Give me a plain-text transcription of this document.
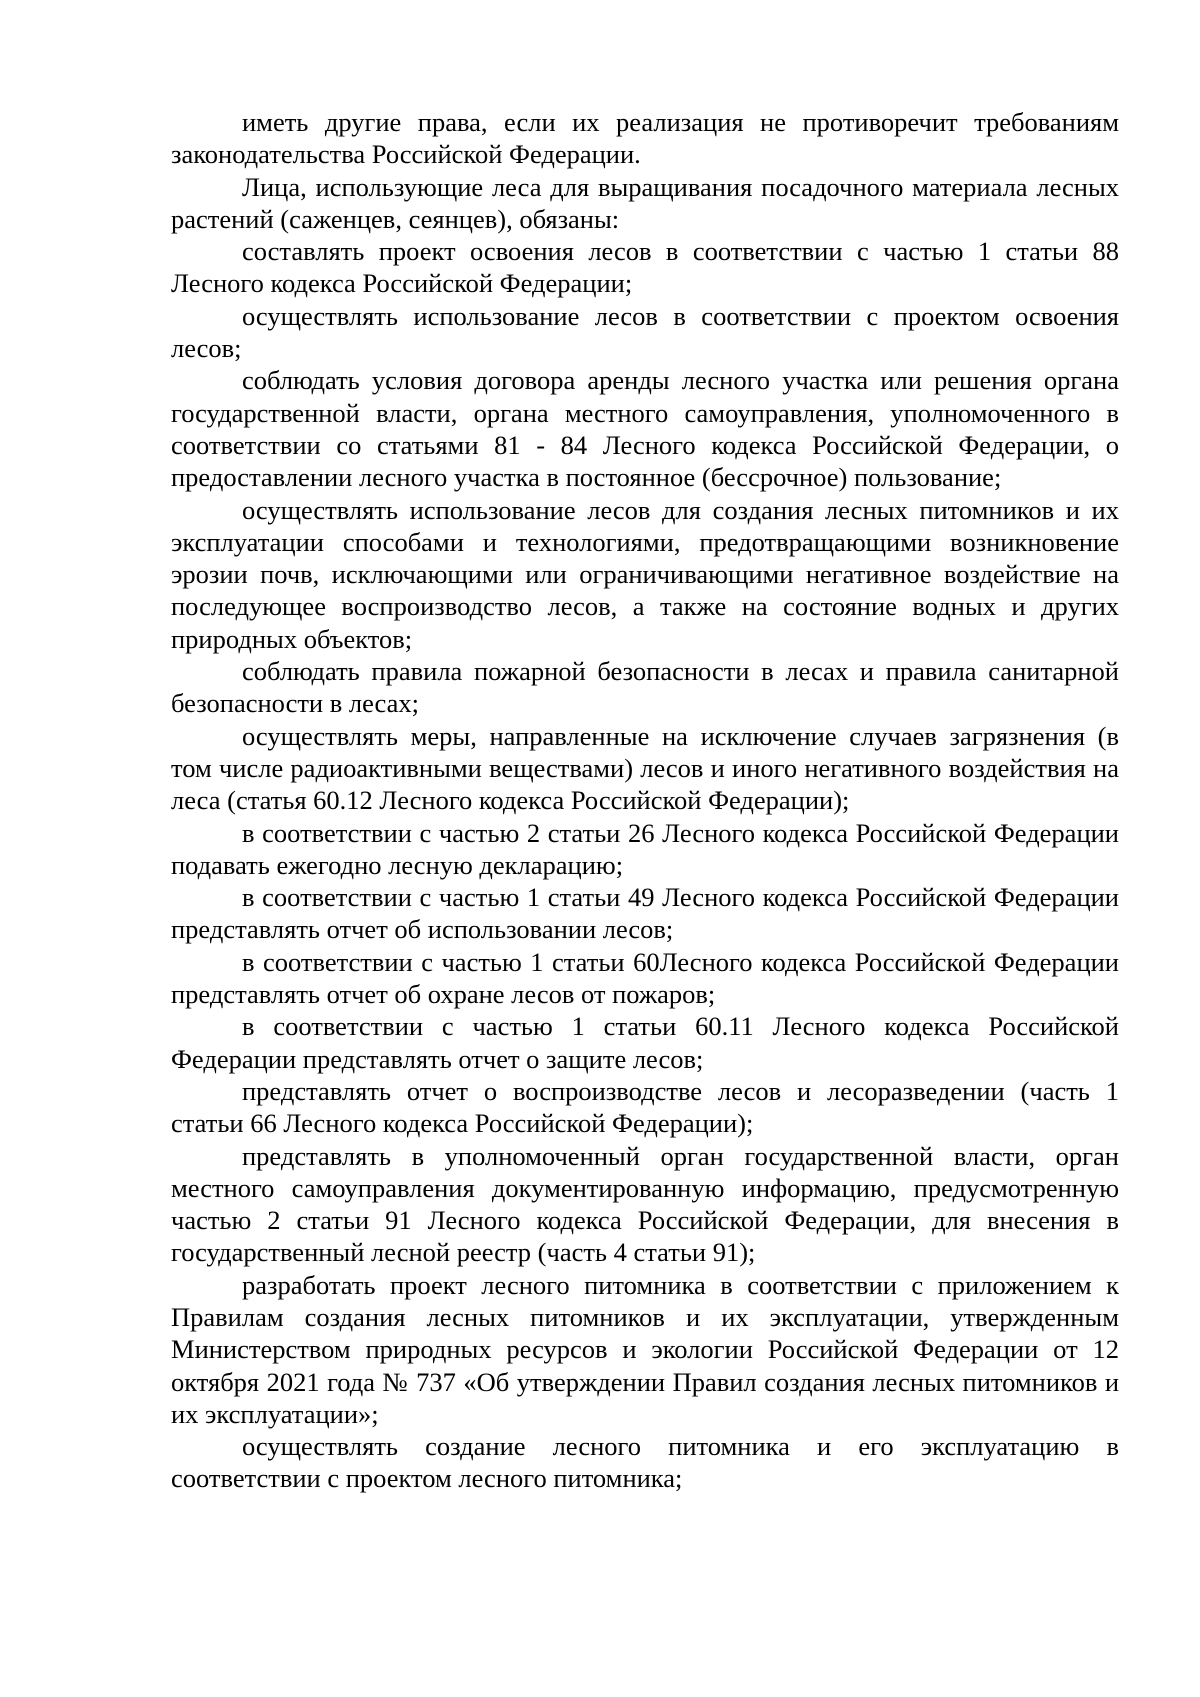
иметь другие права, если их реализация не противоречит требованиям законодательства Российской Федерации.

Лица, использующие леса для выращивания посадочного материала лесных растений (саженцев, сеянцев), обязаны:

составлять проект освоения лесов в соответствии с частью 1 статьи 88 Лесного кодекса Российской Федерации;

осуществлять использование лесов в соответствии с проектом освоения лесов;

соблюдать условия договора аренды лесного участка или решения органа государственной власти, органа местного самоуправления, уполномоченного в соответствии со статьями 81 - 84 Лесного кодекса Российской Федерации, о предоставлении лесного участка в постоянное (бессрочное) пользование;

осуществлять использование лесов для создания лесных питомников и их эксплуатации способами и технологиями, предотвращающими возникновение эрозии почв, исключающими или ограничивающими негативное воздействие на последующее воспроизводство лесов, а также на состояние водных и других природных объектов;

соблюдать правила пожарной безопасности в лесах и правила санитарной безопасности в лесах;

осуществлять меры, направленные на исключение случаев загрязнения (в том числе радиоактивными веществами) лесов и иного негативного воздействия на леса (статья 60.12 Лесного кодекса Российской Федерации);

в соответствии с частью 2 статьи 26 Лесного кодекса Российской Федерации подавать ежегодно лесную декларацию;

в соответствии с частью 1 статьи 49 Лесного кодекса Российской Федерации представлять отчет об использовании лесов;

в соответствии с частью 1 статьи 60Лесного кодекса Российской Федерации представлять отчет об охране лесов от пожаров;

в соответствии с частью 1 статьи 60.11 Лесного кодекса Российской Федерации представлять отчет о защите лесов;

представлять отчет о воспроизводстве лесов и лесоразведении (часть 1 статьи 66 Лесного кодекса Российской Федерации);

представлять в уполномоченный орган государственной власти, орган местного самоуправления документированную информацию, предусмотренную частью 2 статьи 91 Лесного кодекса Российской Федерации, для внесения в государственный лесной реестр (часть 4 статьи 91);

разработать проект лесного питомника в соответствии с приложением к Правилам создания лесных питомников и их эксплуатации, утвержденным Министерством природных ресурсов и экологии Российской Федерации от 12 октября 2021 года № 737 «Об утверждении Правил создания лесных питомников и их эксплуатации»;

осуществлять создание лесного питомника и его эксплуатацию в соответствии с проектом лесного питомника;
